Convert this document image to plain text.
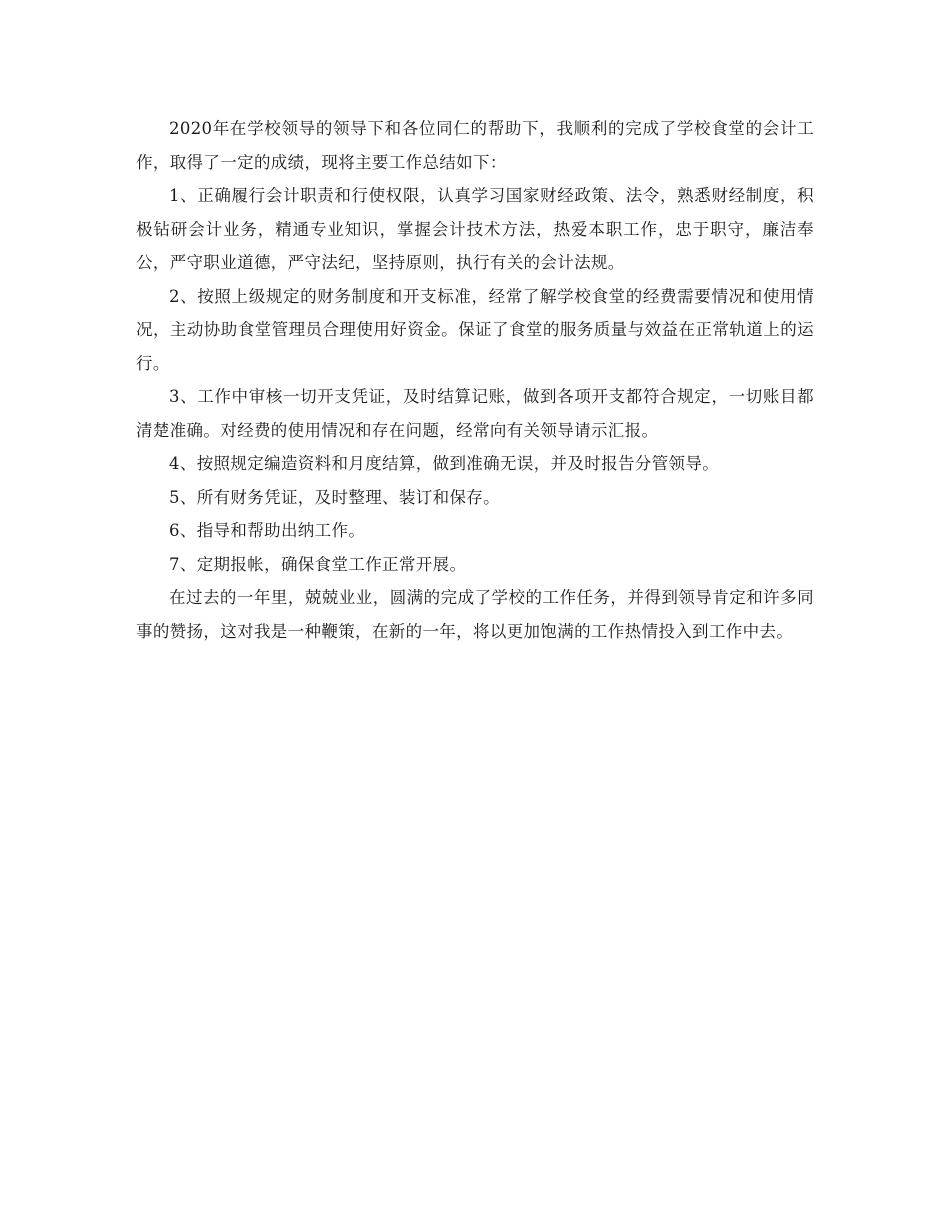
2020年在学校领导的领导下和各位同仁的帮助下，我顺利的完成了学校食堂的会计工作，取得了一定的成绩，现将主要工作总结如下：

1、正确履行会计职责和行使权限，认真学习国家财经政策、法令，熟悉财经制度，积极钻研会计业务，精通专业知识，掌握会计技术方法，热爱本职工作，忠于职守，廉洁奉公，严守职业道德，严守法纪，坚持原则，执行有关的会计法规。

2、按照上级规定的财务制度和开支标准，经常了解学校食堂的经费需要情况和使用情况，主动协助食堂管理员合理使用好资金。保证了食堂的服务质量与效益在正常轨道上的运行。

3、工作中审核一切开支凭证，及时结算记账，做到各项开支都符合规定，一切账目都清楚准确。对经费的使用情况和存在问题，经常向有关领导请示汇报。

4、按照规定编造资料和月度结算，做到准确无误，并及时报告分管领导。

5、所有财务凭证，及时整理、装订和保存。

6、指导和帮助出纳工作。

7、定期报帐，确保食堂工作正常开展。

在过去的一年里，兢兢业业，圆满的完成了学校的工作任务，并得到领导肯定和许多同事的赞扬，这对我是一种鞭策，在新的一年，将以更加饱满的工作热情投入到工作中去。
